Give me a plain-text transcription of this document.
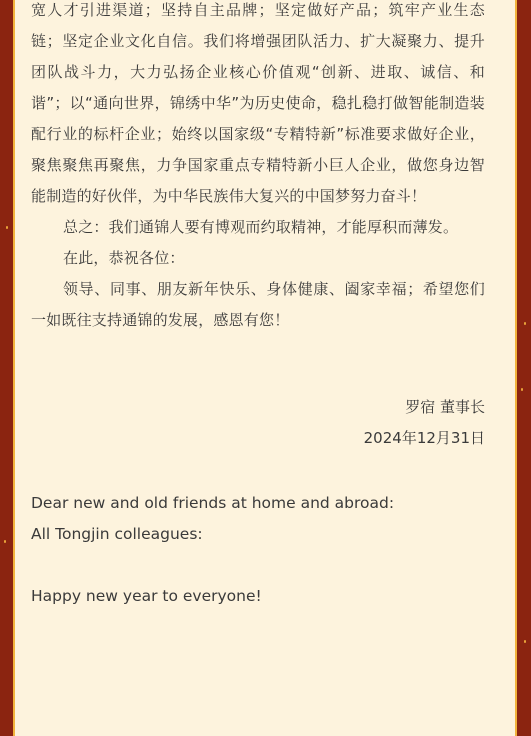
宽人才引进渠道；坚持自主品牌；坚定做好产品；筑牢产业生态链；坚定企业文化自信。我们将增强团队活力、扩大凝聚力、提升团队战斗力，大力弘扬企业核心价值观“创新、进取、诚信、和谐”；以“通向世界，锦绣中华”为历史使命，稳扎稳打做智能制造装配行业的标杆企业；始终以国家级“专精特新”标准要求做好企业，聚焦聚焦再聚焦，力争国家重点专精特新小巨人企业，做您身边智能制造的好伙伴，为中华民族伟大复兴的中国梦努力奋斗！

总之：我们通锦人要有博观而约取精神，才能厚积而薄发。

在此，恭祝各位：

领导、同事、朋友新年快乐、身体健康、阖家幸福；希望您们一如既往支持通锦的发展，感恩有您！

罗宿 董事长

2024年12月31日

Dear new and old friends at home and abroad:

All Tongjin colleagues:

Happy new year to everyone!
